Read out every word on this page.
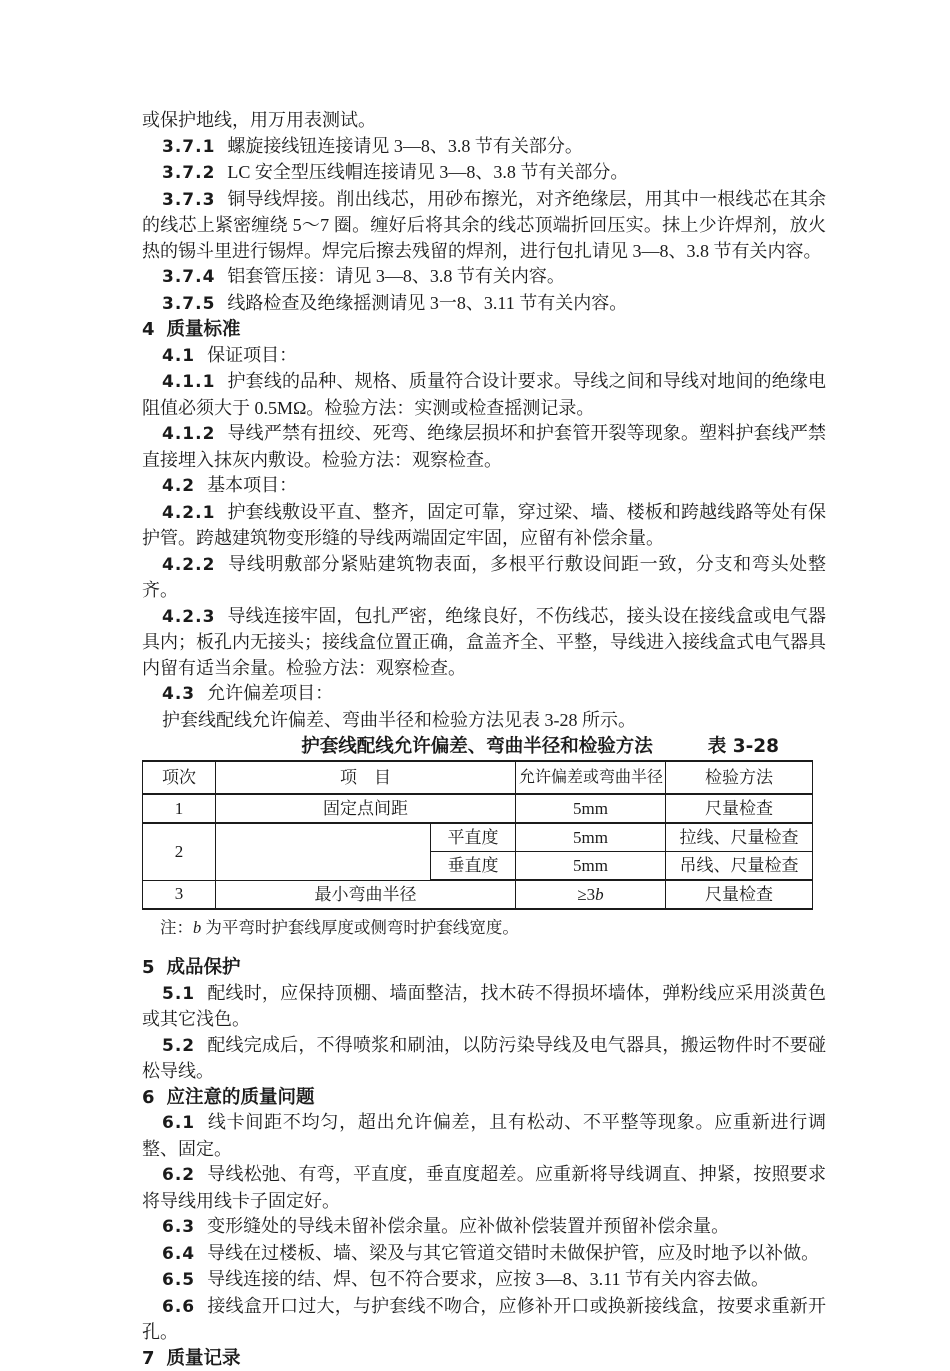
或保护地线，用万用表测试。

3.7.1 螺旋接线钮连接请见 3—8、3.8 节有关部分。

3.7.2 LC 安全型压线帽连接请见 3—8、3.8 节有关部分。

3.7.3 铜导线焊接。削出线芯，用砂布擦光，对齐绝缘层，用其中一根线芯在其余的线芯上紧密缠绕 5～7 圈。缠好后将其余的线芯顶端折回压实。抹上少许焊剂，放火热的锡斗里进行锡焊。焊完后擦去残留的焊剂，进行包扎请见 3—8、3.8 节有关内容。

3.7.4 铝套管压接：请见 3—8、3.8 节有关内容。

3.7.5 线路检查及绝缘摇测请见 3一8、3.11 节有关内容。

4 质量标准

4.1 保证项目：

4.1.1 护套线的品种、规格、质量符合设计要求。导线之间和导线对地间的绝缘电阻值必须大于 0.5MΩ。检验方法：实测或检查摇测记录。

4.1.2 导线严禁有扭绞、死弯、绝缘层损坏和护套管开裂等现象。塑料护套线严禁直接埋入抹灰内敷设。检验方法：观察检查。

4.2 基本项目：

4.2.1 护套线敷设平直、整齐，固定可靠，穿过梁、墙、楼板和跨越线路等处有保护管。跨越建筑物变形缝的导线两端固定牢固，应留有补偿余量。

4.2.2 导线明敷部分紧贴建筑物表面，多根平行敷设间距一致，分支和弯头处整齐。

4.2.3 导线连接牢固，包扎严密，绝缘良好，不伤线芯，接头设在接线盒或电气器具内；板孔内无接头；接线盒位置正确，盒盖齐全、平整，导线进入接线盒式电气器具内留有适当余量。检验方法：观察检查。

4.3 允许偏差项目：

护套线配线允许偏差、弯曲半径和检验方法见表 3-28 所示。

护套线配线允许偏差、弯曲半径和检验方法	表 3-28
项次	项　目		允许偏差或弯曲半径	检验方法
1	固定点间距		5mm	尺量检查
2		平直度	5mm	拉线、尺量检查
		垂直度	5mm	吊线、尺量检查
3	最小弯曲半径		≥3b	尺量检查

注：b 为平弯时护套线厚度或侧弯时护套线宽度。

5 成品保护

5.1 配线时，应保持顶棚、墙面整洁，找木砖不得损坏墙体，弹粉线应采用淡黄色或其它浅色。

5.2 配线完成后，不得喷浆和刷油，以防污染导线及电气器具，搬运物件时不要碰松导线。

6 应注意的质量问题

6.1 线卡间距不均匀，超出允许偏差，且有松动、不平整等现象。应重新进行调整、固定。

6.2 导线松弛、有弯，平直度，垂直度超差。应重新将导线调直、抻紧，按照要求将导线用线卡子固定好。

6.3 变形缝处的导线未留补偿余量。应补做补偿装置并预留补偿余量。

6.4 导线在过楼板、墙、梁及与其它管道交错时未做保护管，应及时地予以补做。

6.5 导线连接的结、焊、包不符合要求，应按 3—8、3.11 节有关内容去做。

6.6 接线盒开口过大，与护套线不吻合，应修补开口或换新接线盒，按要求重新开孔。

7 质量记录
